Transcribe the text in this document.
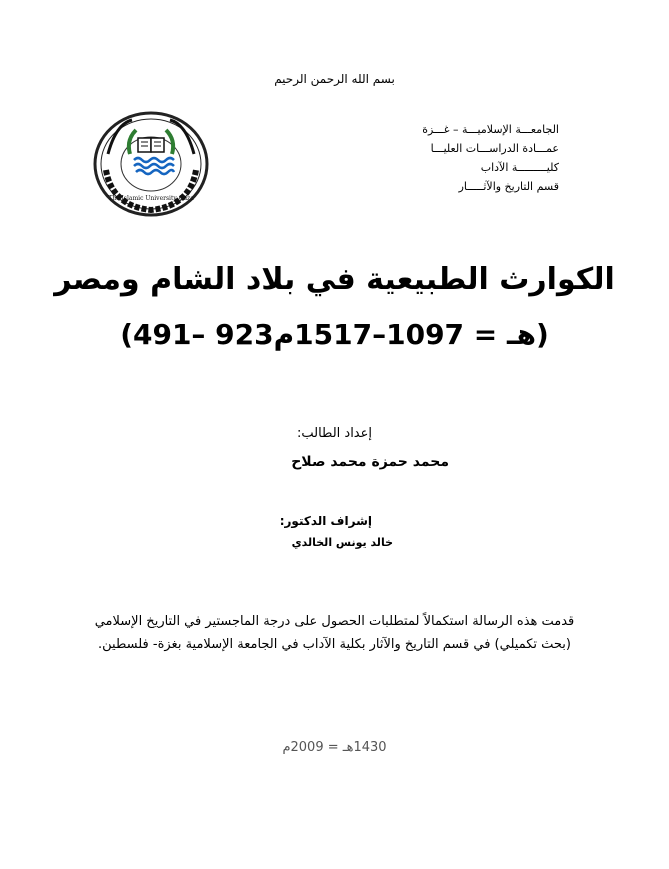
بسم الله الرحمن الرحيم
الجامعـــة الإسلاميـــة – غـــزة
عمـــادة الدراســـات العليـــا
كليـــــــــة الآداب
قسم التاريخ والآثـــــار
The Islamic University Gaza
الكوارث الطبيعية في بلاد الشام ومصر
(491– 923هـ = 1097–1517م)
إعداد الطالب:
محمد حمزة محمد صلاح
إشراف الدكتور:
خالد يونس الخالدي
قدمت هذه الرسالة استكمالاً لمتطلبات الحصول على درجة الماجستير في التاريخ الإسلامي
(بحث تكميلي) في قسم التاريخ والآثار بكلية الآداب في الجامعة الإسلامية بغزة- فلسطين.
1430هـ = 2009م
